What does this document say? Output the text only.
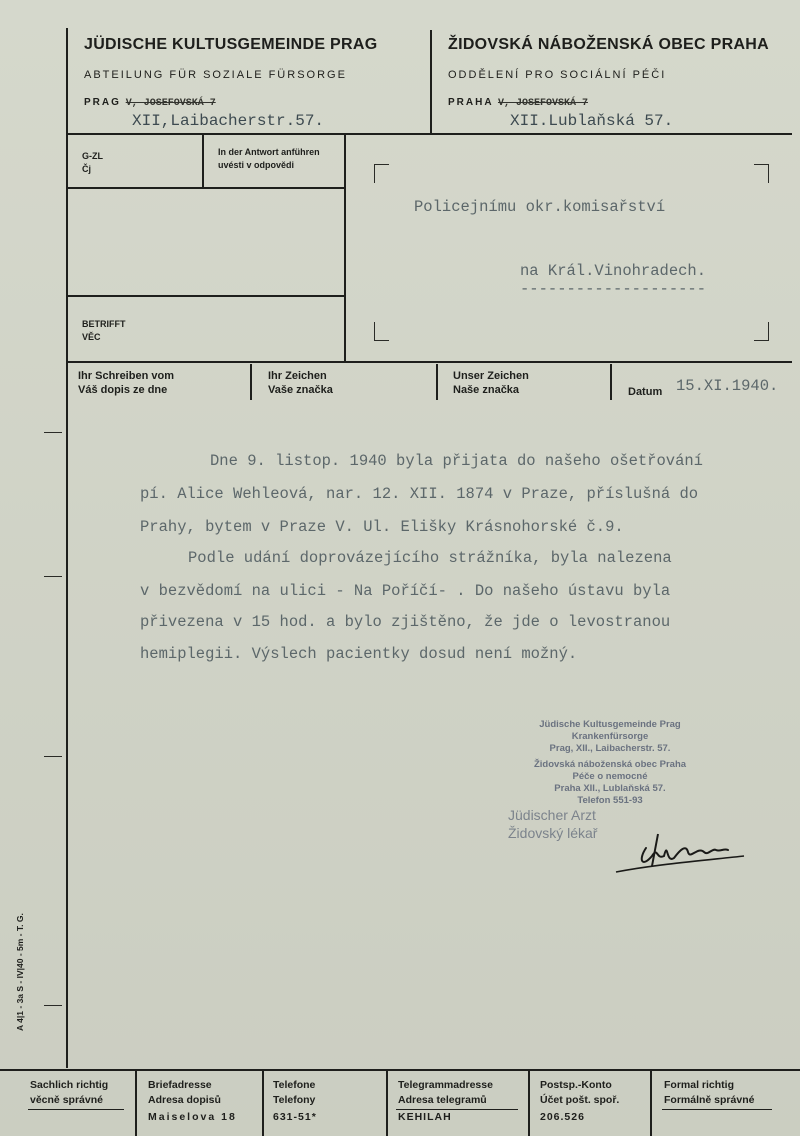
JÜDISCHE KULTUSGEMEINDE PRAG
ABTEILUNG FÜR SOZIALE FÜRSORGE
PRAG V, JOSEFOVSKÁ 7
XII,Laibacherstr.57.
ŽIDOVSKÁ NÁBOŽENSKÁ OBEC PRAHA
ODDĚLENÍ PRO SOCIÁLNÍ PÉČI
PRAHA V, JOSEFOVSKÁ 7
XII.Lublaňská 57.
G-ZL
Čj
In der Antwort anführen
uvésti v odpovědi
BETRIFFT
VĚC
Policejnímu okr.komisařství
na Král.Vinohradech.
--------------------
Ihr Schreiben vom
Váš dopis ze dne
Ihr Zeichen
Vaše značka
Unser Zeichen
Naše značka	Datum 15.XI.1940.
Dne 9. listop. 1940 byla přijata do našeho ošetřování
pí. Alice Wehleová, nar. 12. XII. 1874 v Praze, příslušná do
Prahy, bytem v Praze V. Ul. Elišky Krásnohorské č.9.
Podle udání doprovázejícího strážníka, byla nalezena
v bezvědomí na ulici - Na Poříčí- . Do našeho ústavu byla
přivezena v 15 hod. a bylo zjištěno, že jde o levostranou
hemiplegii. Výslech pacientky dosud není možný.
Jüdische Kultusgemeinde Prag
Krankenfürsorge
Prag, XII., Laibacherstr. 57.
Židovská náboženská obec Praha
Péče o nemocné
Praha XII., Lublaňská 57.
Telefon 551-93
Jüdischer Arzt
Židovský lékař
A 4|1 - 3a S - IV|40 - 5m - T. G.
Sachlich richtig
věcně správné
Briefadresse
Adresa dopisů
Maiselova 18
Telefone
Telefony
631-51*
Telegrammadresse
Adresa telegramů
KEHILAH
Postsp.-Konto
Účet pošt. spoř.
206.526
Formal richtig
Formálně správné
